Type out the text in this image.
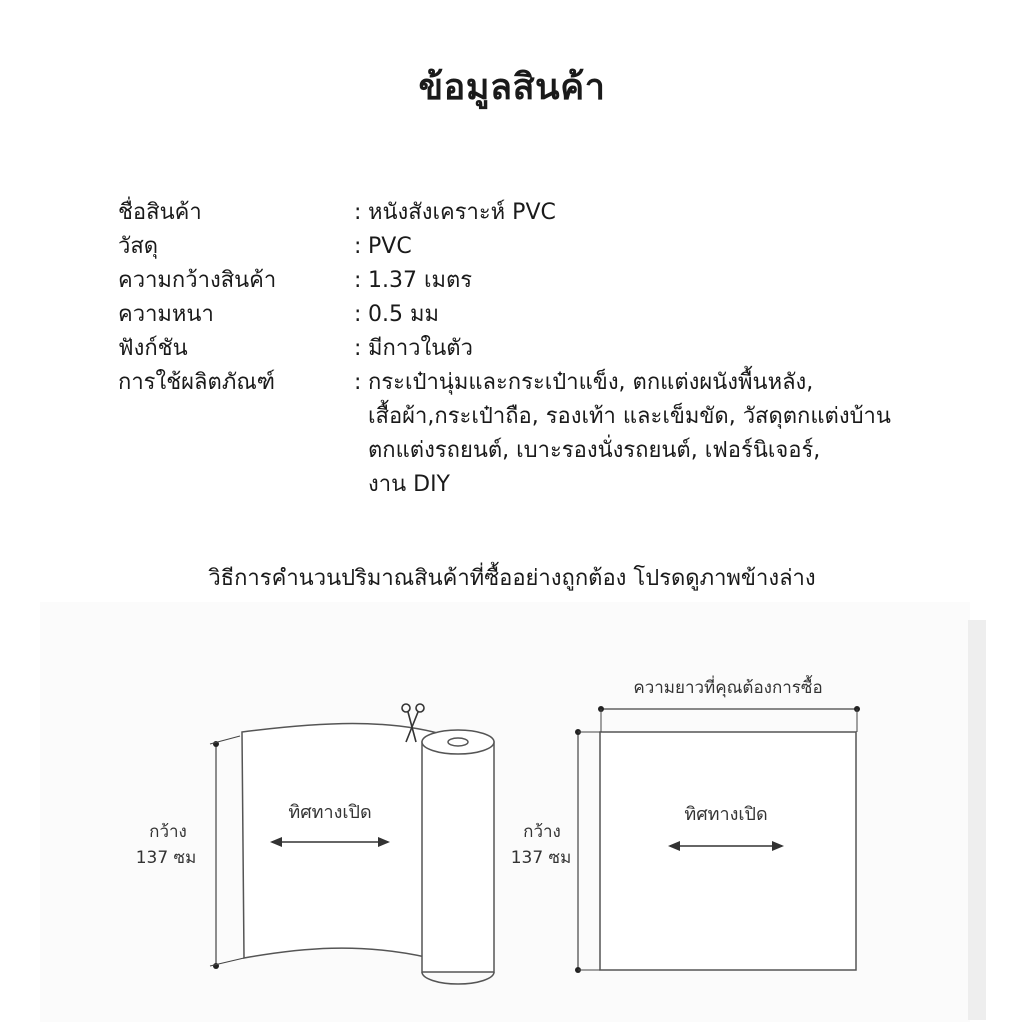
ข้อมูลสินค้า
ชื่อสินค้า	: หนังสังเคราะห์ PVC
วัสดุ	: PVC
ความกว้างสินค้า	: 1.37 เมตร
ความหนา	: 0.5 มม
ฟังก์ชัน	: มีกาวในตัว
การใช้ผลิตภัณฑ์	: กระเป๋านุ่มและกระเป๋าแข็ง, ตกแต่งผนังพื้นหลัง,
เสื้อผ้า,กระเป๋าถือ, รองเท้า และเข็มขัด, วัสดุตกแต่งบ้าน
ตกแต่งรถยนต์, เบาะรองนั่งรถยนต์, เฟอร์นิเจอร์,
งาน DIY
วิธีการคำนวนปริมาณสินค้าที่ซื้ออย่างถูกต้อง โปรดดูภาพข้างล่าง
กว้าง
137 ซม
ทิศทางเปิด
ความยาวที่คุณต้องการซื้อ
กว้าง
137 ซม
ทิศทางเปิด
